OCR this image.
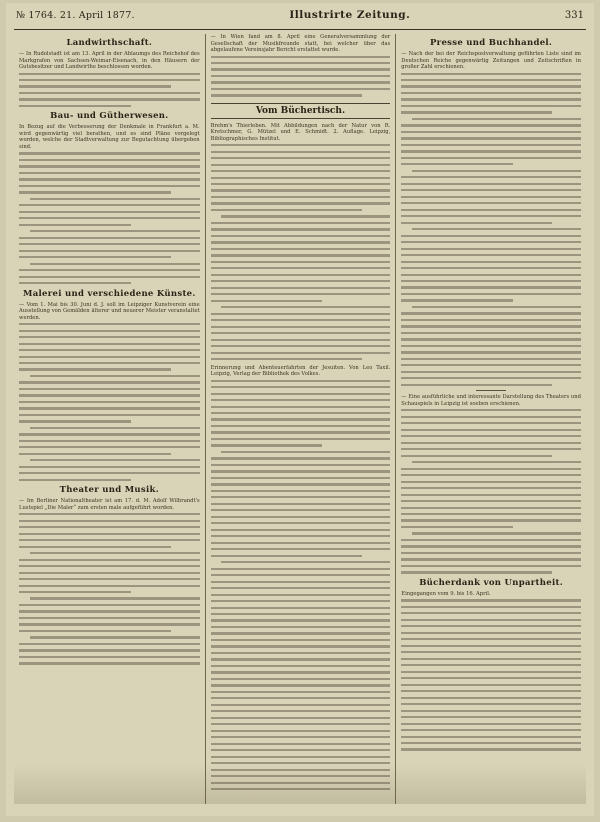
№ 1764. 21. April 1877.	Illustrirte Zeitung.	331
Landwirthschaft.

— In Rudolstadt ist am 13. April in der Ablaumgs des Reichshof des Markgrafen von Sachsen-Weimar-Eisenach, in den Häusern der Gutsbesitzer und Landwirthe beschlossen worden.

Bau- und Gütherwesen.

In Bezug auf die Verbesserung der Denkmale in Frankfurt a. M. wird gegenwärtig viel berathen, und es sind Pläne vorgelegt worden, welche der Stadtverwaltung zur Begutachtung übergeben sind.

Malerei und verschiedene Künste.

— Vom 1. Mai bis 30. Juni d. J. soll im Leipziger Kunstverein eine Ausstellung von Gemälden älterer und neuerer Meister veranstaltet werden.

Theater und Musik.

— Im Berliner Nationaltheater ist am 17. d. M. Adolf Wilbrandt's Lustspiel „Die Maler“ zum ersten male aufgeführt worden.

— In Wien fand am 8. April eine Generalversammlung der Gesellschaft der Musikfreunde statt, bei welcher über das abgelaufene Vereinsjahr Bericht erstattet wurde.

Vom Büchertisch.

Brehm's Thierleben. Mit Abbildungen nach der Natur von R. Kretschmer, G. Mützel und E. Schmidt. 2. Auflage. Leipzig, Bibliographisches Institut.

Erinnerung und Abenteuerfahrten der Jesuiten. Von Leo Taxil. Leipzig, Verlag der Bibliothek des Volkes.

Presse und Buchhandel.

— Nach der bei der Reichspostverwaltung geführten Liste sind im Deutschen Reiche gegenwärtig Zeitungen und Zeitschriften in großer Zahl erschienen.

— Eine ausführliche und interessante Darstellung des Theaters und Schauspiels in Leipzig ist soeben erschienen.

Bücherdank von Unpartheit.

Eingegangen vom 9. bis 16. April.
